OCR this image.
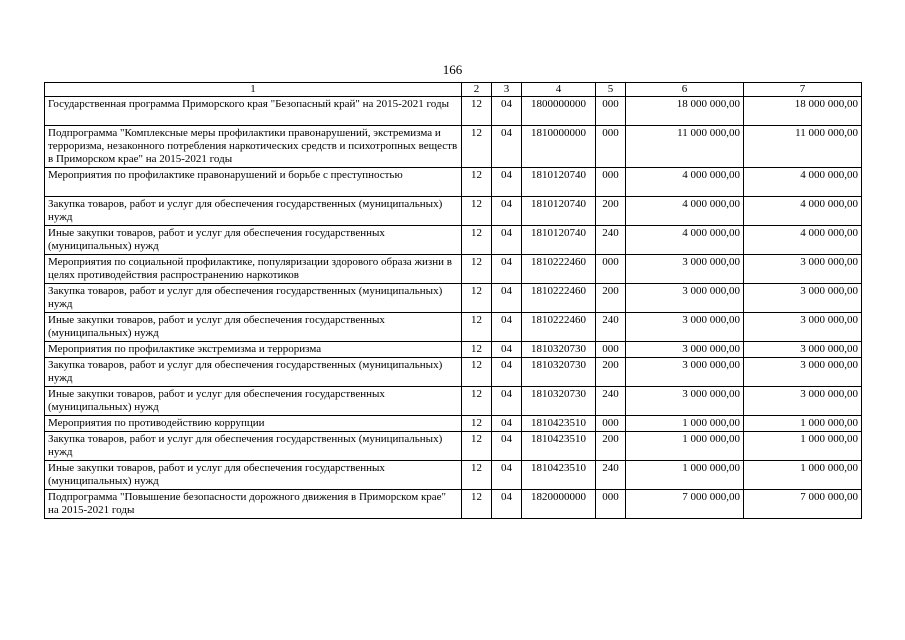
166
1	2	3	4	5	6	7
Государственная программа Приморского края "Безопасный край" на 2015-2021 годы	12	04	1800000000	000	18 000 000,00	18 000 000,00
Подпрограмма "Комплексные меры профилактики правонарушений, экстремизма и терроризма, незаконного потребления наркотических средств и психотропных веществ в Приморском крае" на 2015-2021 годы	12	04	1810000000	000	11 000 000,00	11 000 000,00
Мероприятия по профилактике правонарушений и борьбе с преступностью	12	04	1810120740	000	4 000 000,00	4 000 000,00
Закупка товаров, работ и услуг для обеспечения государственных (муниципальных) нужд	12	04	1810120740	200	4 000 000,00	4 000 000,00
Иные закупки товаров, работ и услуг для обеспечения государственных (муниципальных) нужд	12	04	1810120740	240	4 000 000,00	4 000 000,00
Мероприятия по социальной профилактике, популяризации здорового образа жизни в целях противодействия распространению наркотиков	12	04	1810222460	000	3 000 000,00	3 000 000,00
Закупка товаров, работ и услуг для обеспечения государственных (муниципальных) нужд	12	04	1810222460	200	3 000 000,00	3 000 000,00
Иные закупки товаров, работ и услуг для обеспечения государственных (муниципальных) нужд	12	04	1810222460	240	3 000 000,00	3 000 000,00
Мероприятия по профилактике экстремизма и терроризма	12	04	1810320730	000	3 000 000,00	3 000 000,00
Закупка товаров, работ и услуг для обеспечения государственных (муниципальных) нужд	12	04	1810320730	200	3 000 000,00	3 000 000,00
Иные закупки товаров, работ и услуг для обеспечения государственных (муниципальных) нужд	12	04	1810320730	240	3 000 000,00	3 000 000,00
Мероприятия по противодействию коррупции	12	04	1810423510	000	1 000 000,00	1 000 000,00
Закупка товаров, работ и услуг для обеспечения государственных (муниципальных) нужд	12	04	1810423510	200	1 000 000,00	1 000 000,00
Иные закупки товаров, работ и услуг для обеспечения государственных (муниципальных) нужд	12	04	1810423510	240	1 000 000,00	1 000 000,00
Подпрограмма "Повышение безопасности дорожного движения в Приморском крае" на 2015-2021 годы	12	04	1820000000	000	7 000 000,00	7 000 000,00
